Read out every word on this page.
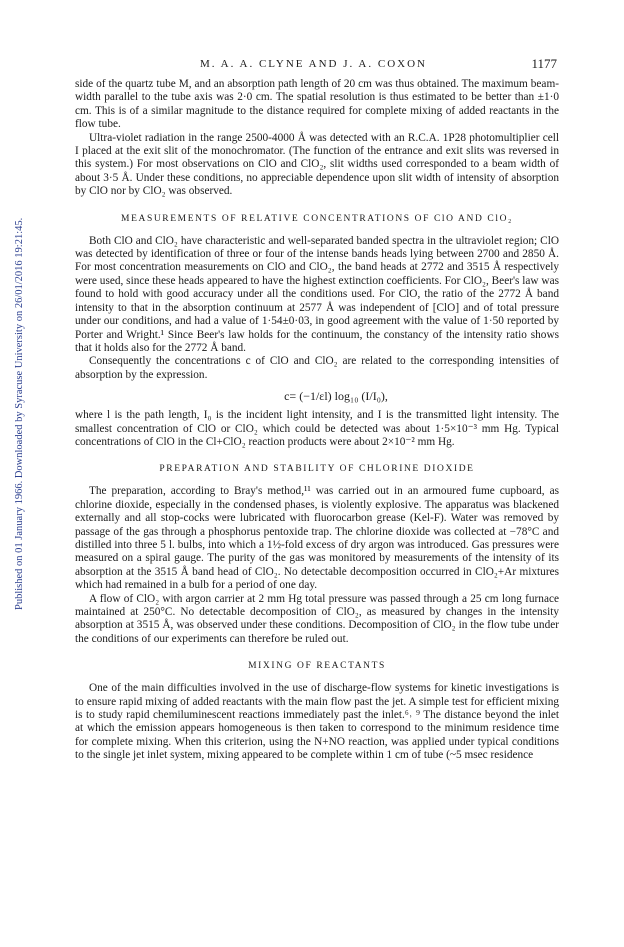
Published on 01 January 1966. Downloaded by Syracuse University on 26/01/2016 19:21:45.
M. A. A. CLYNE AND J. A. COXON	1177

side of the quartz tube M, and an absorption path length of 20 cm was thus obtained. The maximum beam-width parallel to the tube axis was 2·0 cm. The spatial resolution is thus estimated to be better than ±1·0 cm. This is of a similar magnitude to the distance required for complete mixing of added reactants in the flow tube.

Ultra-violet radiation in the range 2500-4000 Å was detected with an R.C.A. 1P28 photomultiplier cell I placed at the exit slit of the monochromator. (The function of the entrance and exit slits was reversed in this system.) For most observations on ClO and ClO₂, slit widths used corresponded to a beam width of about 3·5 Å. Under these conditions, no appreciable dependence upon slit width of intensity of absorption by ClO nor by ClO₂ was observed.

MEASUREMENTS OF RELATIVE CONCENTRATIONS OF ClO AND ClO₂

Both ClO and ClO₂ have characteristic and well-separated banded spectra in the ultraviolet region; ClO was detected by identification of three or four of the intense bands heads lying between 2700 and 2850 Å. For most concentration measurements on ClO and ClO₂, the band heads at 2772 and 3515 Å respectively were used, since these heads appeared to have the highest extinction coefficients. For ClO₂, Beer's law was found to hold with good accuracy under all the conditions used. For ClO, the ratio of the 2772 Å band intensity to that in the absorption continuum at 2577 Å was independent of [ClO] and of total pressure under our conditions, and had a value of 1·54±0·03, in good agreement with the value of 1·50 reported by Porter and Wright.¹ Since Beer's law holds for the continuum, the constancy of the intensity ratio shows that it holds also for the 2772 Å band.

Consequently the concentrations c of ClO and ClO₂ are related to the corresponding intensities of absorption by the expression.

c= (−1/εl) log₁₀ (I/I₀),

where l is the path length, I₀ is the incident light intensity, and I is the transmitted light intensity. The smallest concentration of ClO or ClO₂ which could be detected was about 1·5×10⁻³ mm Hg. Typical concentrations of ClO in the Cl+ClO₂ reaction products were about 2×10⁻² mm Hg.

PREPARATION AND STABILITY OF CHLORINE DIOXIDE

The preparation, according to Bray's method,¹¹ was carried out in an armoured fume cupboard, as chlorine dioxide, especially in the condensed phases, is violently explosive. The apparatus was blackened externally and all stop-cocks were lubricated with fluorocarbon grease (Kel-F). Water was removed by passage of the gas through a phosphorus pentoxide trap. The chlorine dioxide was collected at −78°C and distilled into three 5 l. bulbs, into which a 1½-fold excess of dry argon was introduced. Gas pressures were measured on a spiral gauge. The purity of the gas was monitored by measurements of the intensity of its absorption at the 3515 Å band head of ClO₂. No detectable decomposition occurred in ClO₂+Ar mixtures which had remained in a bulb for a period of one day.

A flow of ClO₂ with argon carrier at 2 mm Hg total pressure was passed through a 25 cm long furnace maintained at 250°C. No detectable decomposition of ClO₂, as measured by changes in the intensity absorption at 3515 Å, was observed under these conditions. Decomposition of ClO₂ in the flow tube under the conditions of our experiments can therefore be ruled out.

MIXING OF REACTANTS

One of the main difficulties involved in the use of discharge-flow systems for kinetic investigations is to ensure rapid mixing of added reactants with the main flow past the jet. A simple test for efficient mixing is to study rapid chemiluminescent reactions immediately past the inlet.⁶˒ ⁹ The distance beyond the inlet at which the emission appears homogeneous is then taken to correspond to the minimum residence time for complete mixing. When this criterion, using the N+NO reaction, was applied under typical conditions to the single jet inlet system, mixing appeared to be complete within 1 cm of tube (~5 msec residence
